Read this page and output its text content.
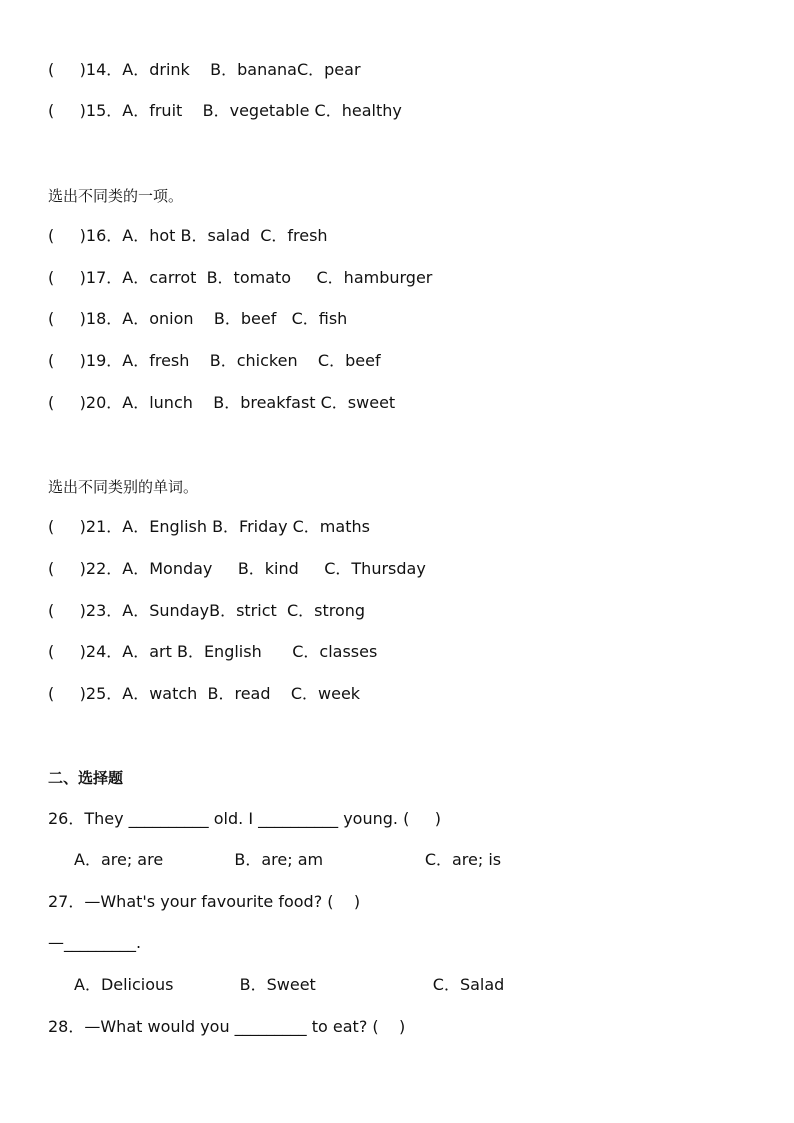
(     )14．A．drink    B．bananaC．pear
(     )15．A．fruit    B．vegetable C．healthy
选出不同类的一项。
(     )16．A．hot B．salad  C．fresh
(     )17．A．carrot  B．tomato     C．hamburger
(     )18．A．onion    B．beef   C．fish
(     )19．A．fresh    B．chicken    C．beef
(     )20．A．lunch    B．breakfast C．sweet
选出不同类别的单词。
(     )21．A．English B．Friday C．maths
(     )22．A．Monday     B．kind     C．Thursday
(     )23．A．SundayB．strict  C．strong
(     )24．A．art B．English      C．classes
(     )25．A．watch  B．read    C．week
二、选择题
26．They __________ old. I __________ young. (     )
A．are; are              B．are; am                    C．are; is
27．—What's your favourite food? (    )
—_________.
A．Delicious             B．Sweet                       C．Salad
28．—What would you _________ to eat? (    )
